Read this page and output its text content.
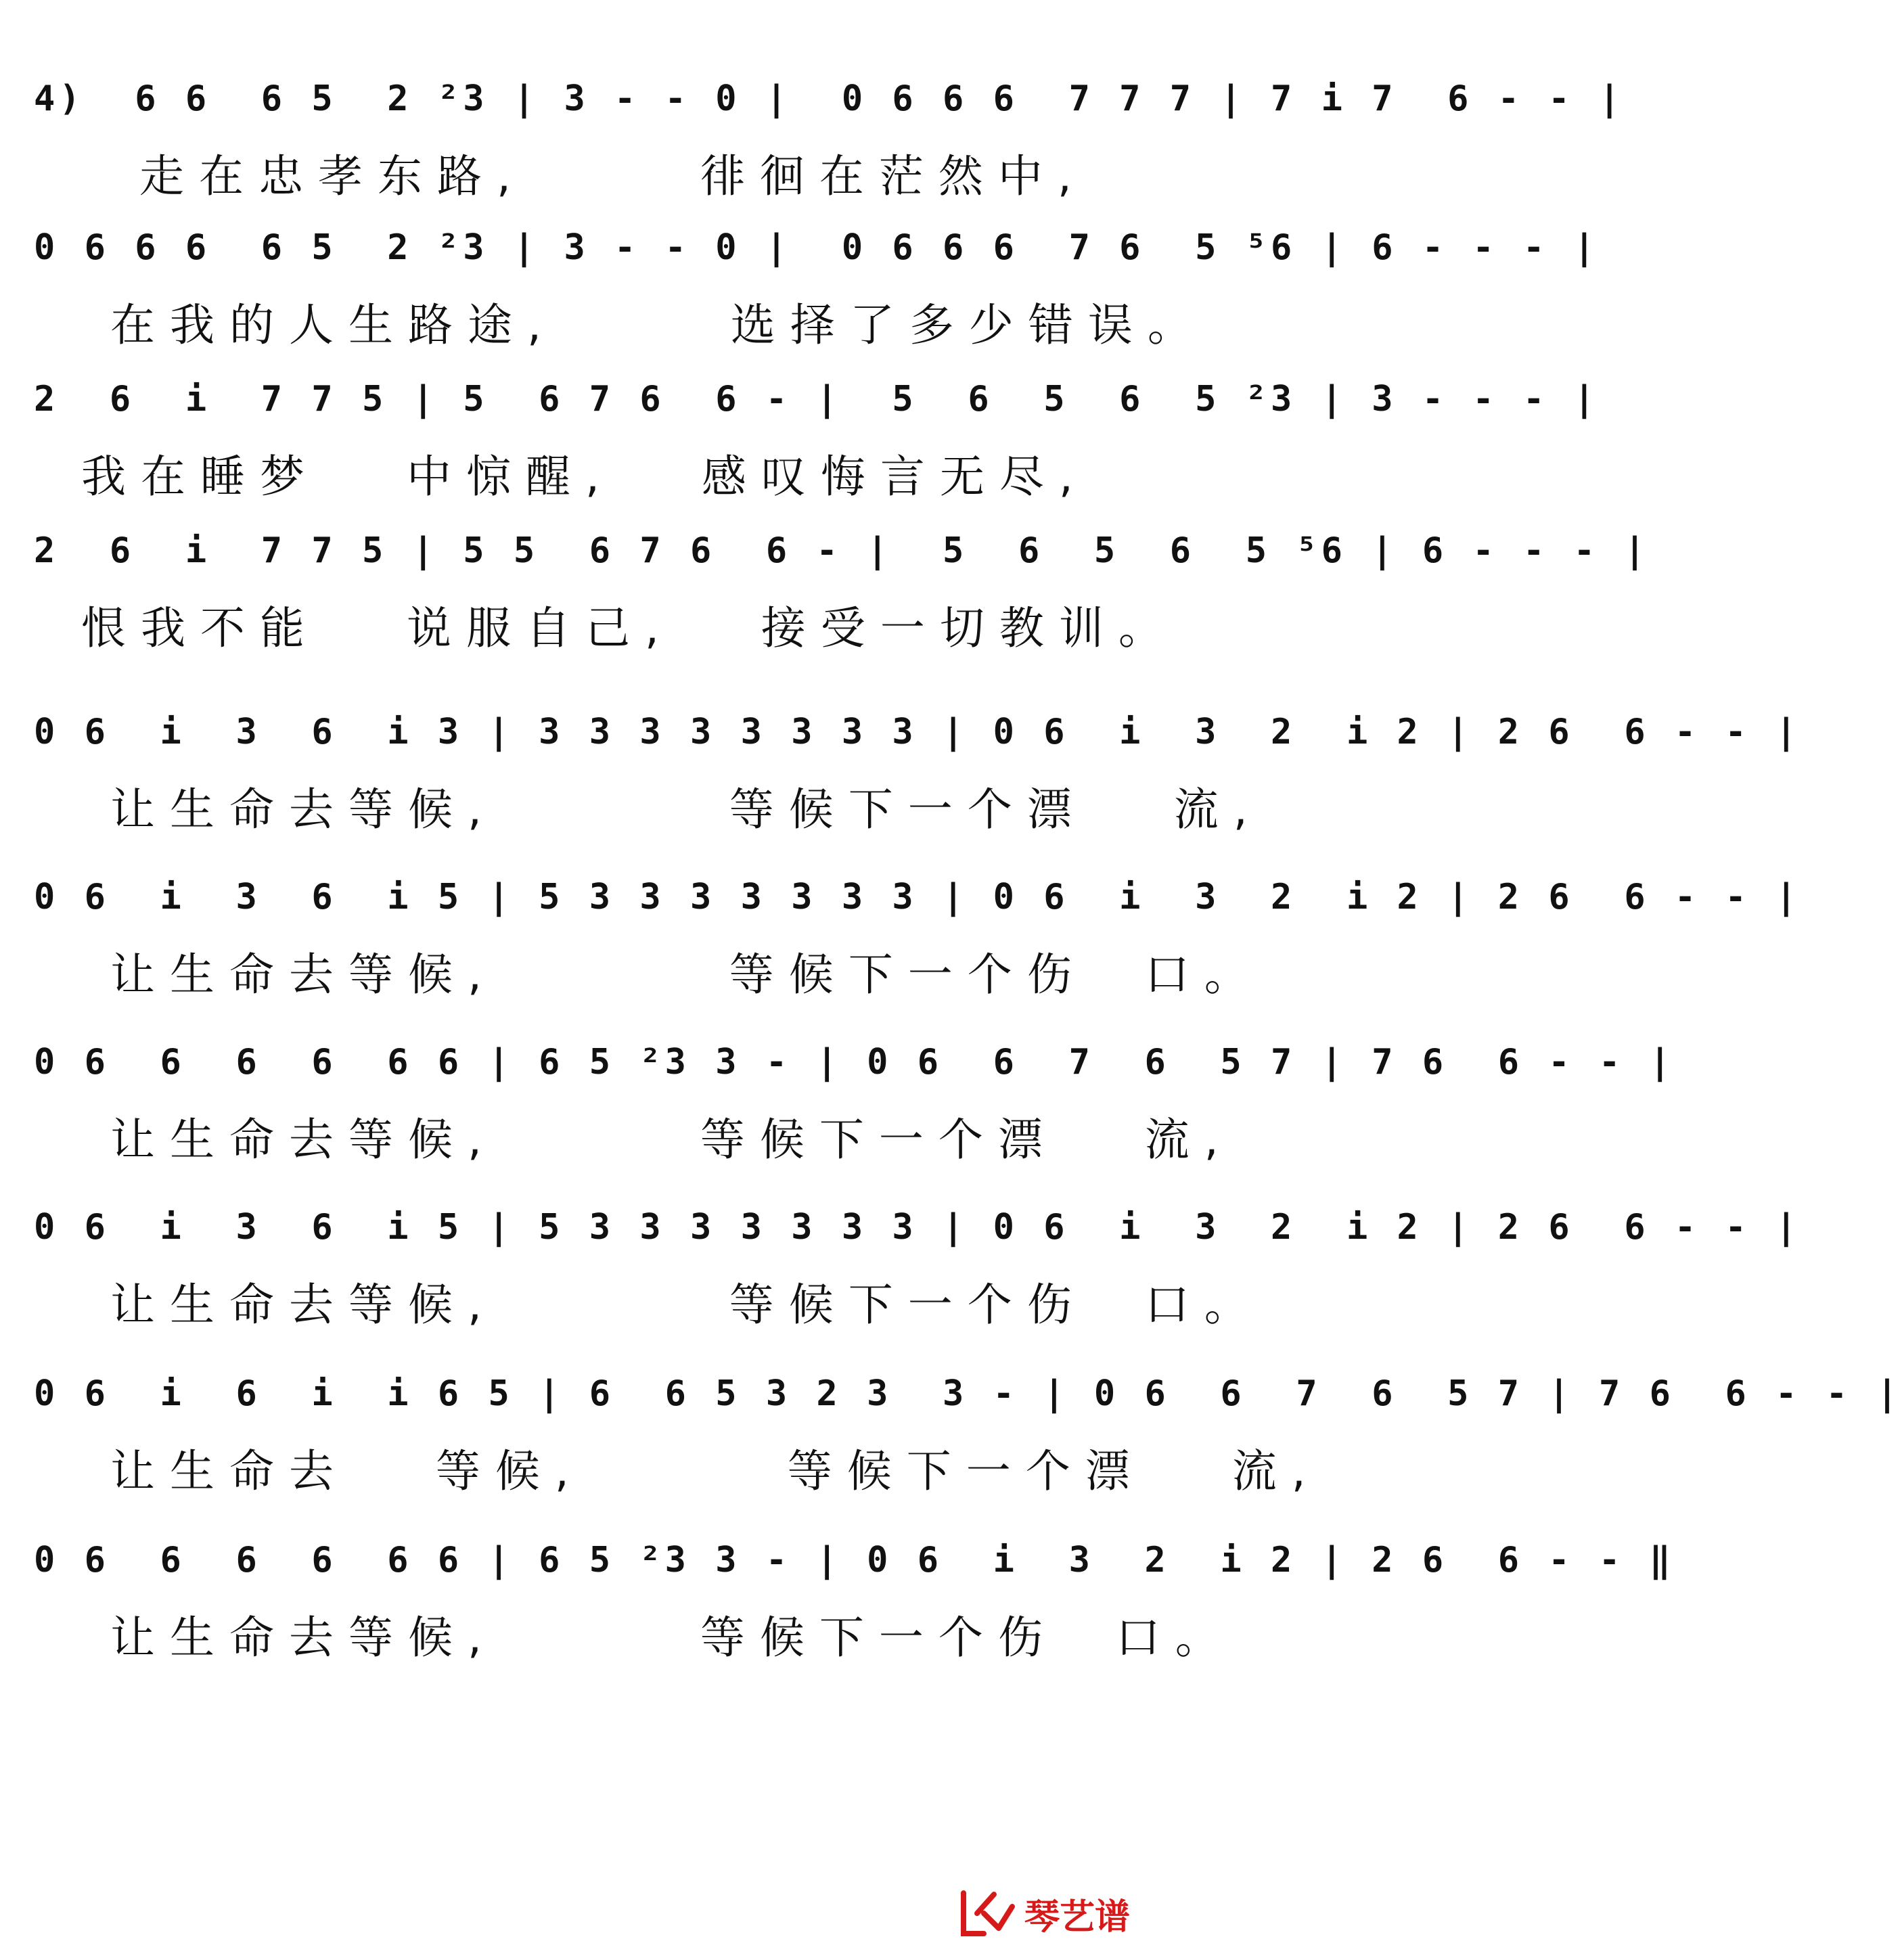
4)  6 6  6 5  2 ²3 | 3 - - 0 |  0 6 6 6  7 7 7 | 7 i 7  6 - - |
走在忠孝东路,      徘徊在茫然中,
0 6 6 6  6 5  2 ²3 | 3 - - 0 |  0 6 6 6  7 6  5 ⁵6 | 6 - - - |
在我的人生路途,      选择了多少错误。
2  6  i  7 7 5 | 5  6 7 6  6 - |  5  6  5  6  5 ²3 | 3 - - - |
我在睡梦   中惊醒,   感叹悔言无尽,
2  6  i  7 7 5 | 5 5  6 7 6  6 - |  5  6  5  6  5 ⁵6 | 6 - - - |
恨我不能   说服自己,   接受一切教训。
0 6  i  3  6  i 3 | 3 3 3 3 3 3 3 3 | 0 6  i  3  2  i 2 | 2 6  6 - - |
让生命去等候,        等候下一个漂   流,
0 6  i  3  6  i 5 | 5 3 3 3 3 3 3 3 | 0 6  i  3  2  i 2 | 2 6  6 - - |
让生命去等候,        等候下一个伤  口。
0 6  6  6  6  6 6 | 6 5 ²3 3 - | 0 6  6  7  6  5 7 | 7 6  6 - - |
让生命去等候,       等候下一个漂   流,
0 6  i  3  6  i 5 | 5 3 3 3 3 3 3 3 | 0 6  i  3  2  i 2 | 2 6  6 - - |
让生命去等候,        等候下一个伤  口。
0 6  i  6  i  i 6 5 | 6  6 5 3 2 3  3 - | 0 6  6  7  6  5 7 | 7 6  6 - - |
让生命去   等候,       等候下一个漂   流,
0 6  6  6  6  6 6 | 6 5 ²3 3 - | 0 6  i  3  2  i 2 | 2 6  6 - - ‖
让生命去等候,       等候下一个伤  口。
琴艺谱
